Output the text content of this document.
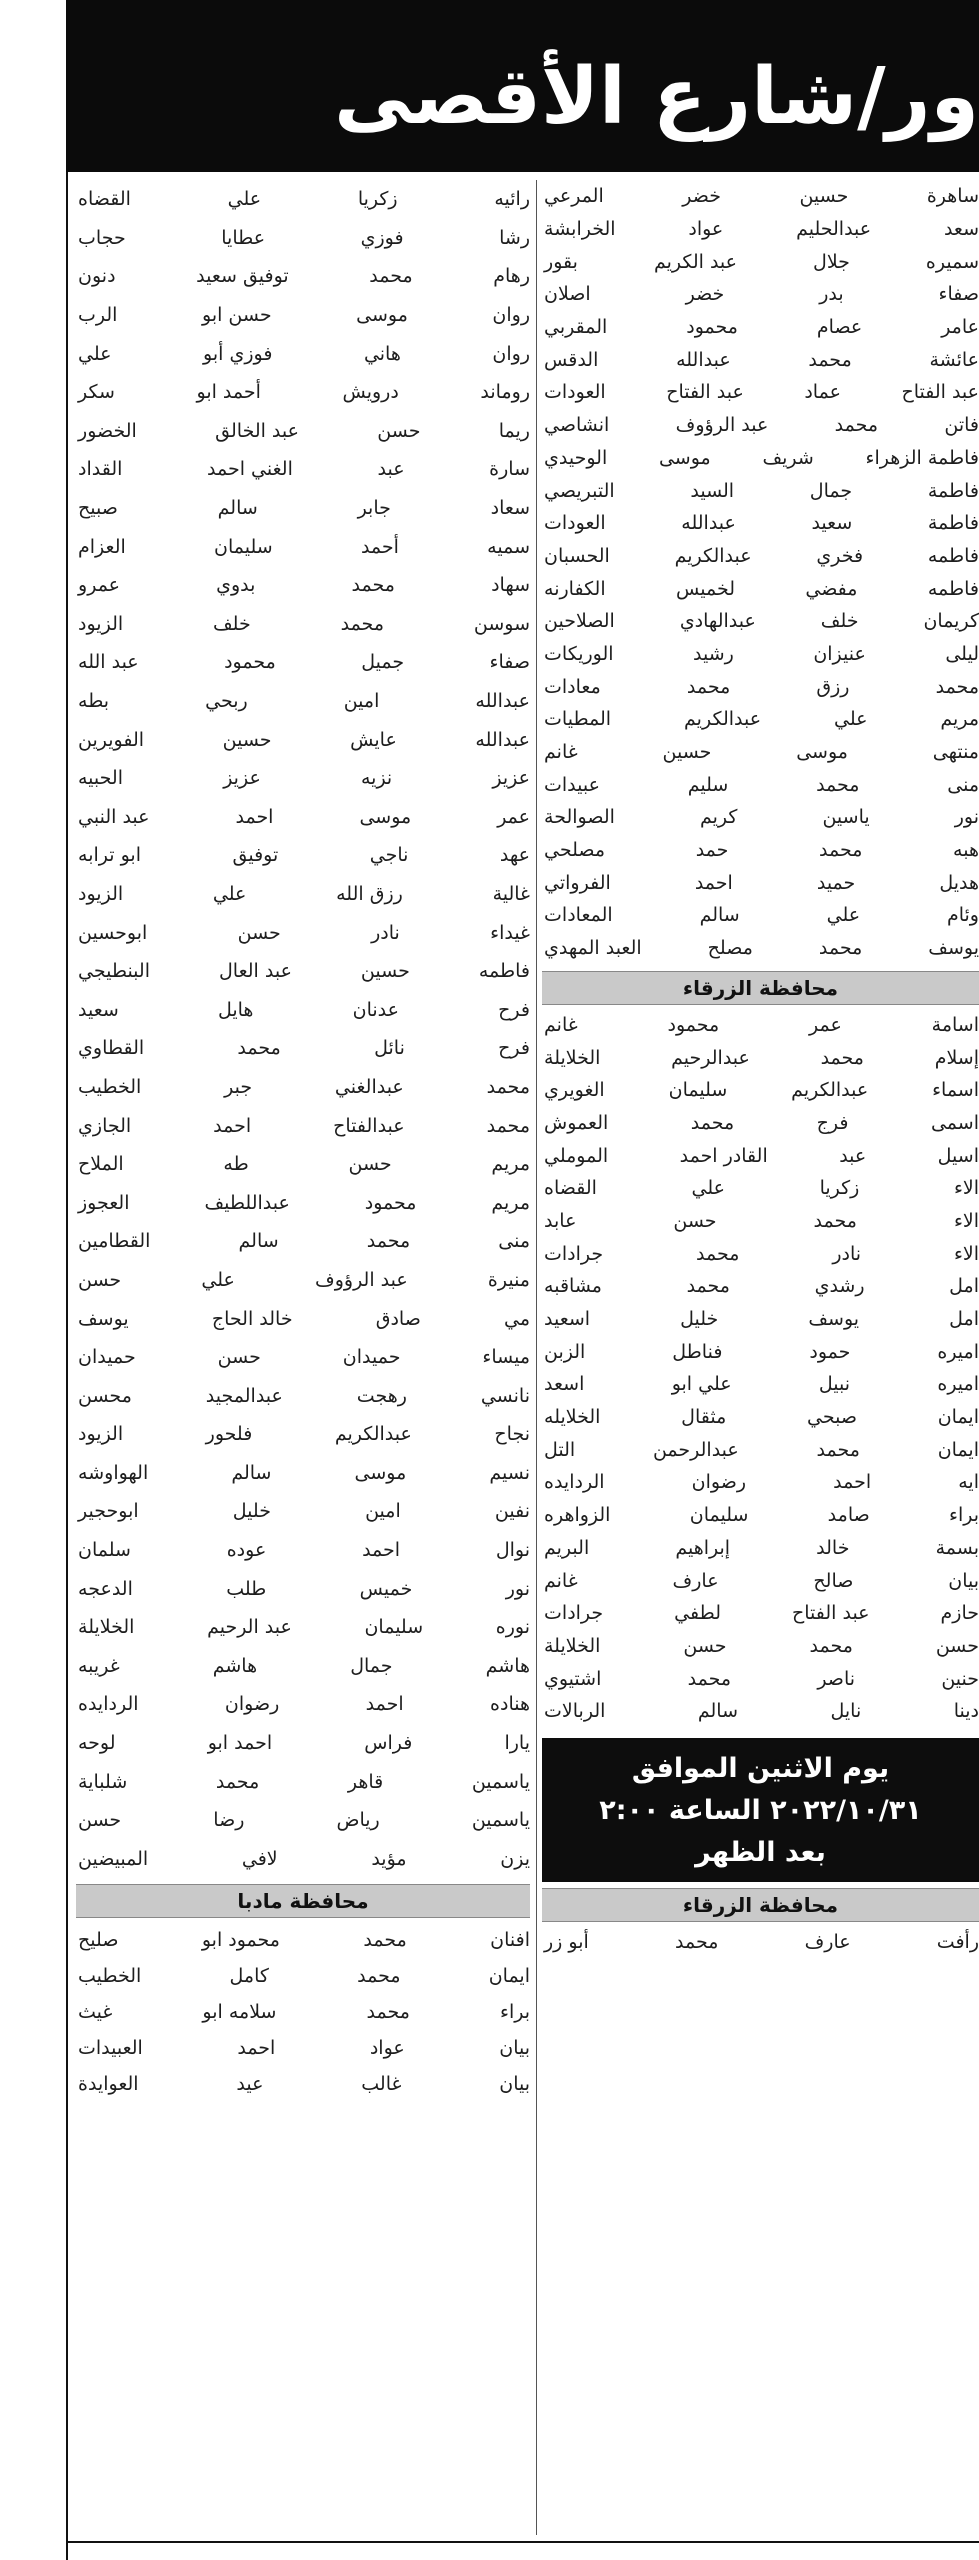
ور/شارع الأقصى
ساهرة
حسين
خضر
المرعي
سعد
عبدالحليم
عواد
الخرابشة
سميره
جلال
عبد الكريم
بقور
صفاء
بدر
خضر
اصلان
عامر
عصام
محمود
المقربي
عائشة
محمد
عبدالله
الدقس
عبد الفتاح
عماد
عبد الفتاح
العودات
فاتن
محمد
عبد الرؤوف
انشاصي
فاطمة الزهراء
شريف
موسى
الوحيدي
فاطمة
جمال
السيد
التبريصي
فاطمة
سعيد
عبدالله
العودات
فاطمه
فخري
عبدالكريم
الحسبان
فاطمه
مفضي
لخميس
الكفارنه
كريمان
خلف
عبدالهادي
الصلاحين
ليلى
عنيزان
رشيد
الوريكات
محمد
رزق
محمد
معادات
مريم
علي
عبدالكريم
المطيات
منتهى
موسى
حسين
غانم
منى
محمد
سليم
عبيدات
نور
ياسين
كريم
الصوالحة
هبه
محمد
حمد
مصلحي
هديل
حميد
احمد
الفرواتي
وئام
علي
سالم
المعادات
يوسف
محمد
مصلح
العبد المهدي
محافظة الزرقاء
اسامة
عمر
محمود
غانم
إسلام
محمد
عبدالرحيم
الخلايلة
اسماء
عبدالكريم
سليمان
الغويري
اسمى
فرج
محمد
العموش
اسيل
عبد
القادر احمد
الموملي
الاء
زكريا
علي
القضاه
الاء
محمد
حسن
عابد
الاء
نادر
محمد
جرادات
امل
رشدي
محمد
مشاقبه
امل
يوسف
خليل
اسعيد
اميره
حمود
فناطل
الزبن
اميره
نبيل
علي ابو
اسعد
ايمان
صبحي
مثقال
الخلايله
ايمان
محمد
عبدالرحمن
التل
ايه
احمد
رضوان
الردايده
براء
صامد
سليمان
الزواهره
بسمة
خالد
إبراهيم
البريم
بيان
صالح
عارف
غانم
حازم
عبد الفتاح
لطفي
جرادات
حسن
محمد
حسن
الخلايلة
حنين
ناصر
محمد
اشتيوي
دينا
نايل
سالم
الربالات
يوم الاثنين الموافق
٢٠٢٢/١٠/٣١ الساعة ٢:٠٠
بعد الظهر
محافظة الزرقاء
رأفت
عارف
محمد
أبو زر
رائيه
زكريا
علي
القضاه
رشا
فوزي
عطايا
حجاب
رهام
محمد
توفيق سعيد
دنون
روان
موسى
حسن ابو
الرب
روان
هاني
فوزي أبو
علي
روماند
درويش
أحمد ابو
سكر
ريما
حسن
عبد الخالق
الخضور
سارة
عبد
الغني احمد
القداد
سعاد
جابر
سالم
صبيح
سميه
أحمد
سليمان
العزام
سهاد
محمد
بدوي
عمرو
سوسن
محمد
خلف
الزيود
صفاء
جميل
محمود
عبد الله
عبدالله
امين
ربحي
بطه
عبدالله
عايش
حسين
الفويرين
عزيز
نزيه
عزيز
الحبيه
عمر
موسى
احمد
عبد النبي
عهد
ناجي
توفيق
ابو ترابه
غالية
رزق الله
علي
الزيود
غيداء
نادر
حسن
ابوحسين
فاطمه
حسين
عبد العال
البنطيجي
فرح
عدنان
هايل
سعيد
فرح
نائل
محمد
القطاوي
محمد
عبدالغني
جبر
الخطيب
محمد
عبدالفتاح
احمد
الجازي
مريم
حسن
طه
الملاح
مريم
محمود
عبداللطيف
العجوز
منى
محمد
سالم
القطامين
منيرة
عبد الرؤوف
علي
حسن
مي
صادق
خالد الحاج
يوسف
ميساء
حميدان
حسن
حميدان
نانسي
رهجت
عبدالمجيد
محسن
نجاح
عبدالكريم
فلحور
الزيود
نسيم
موسى
سالم
الهواوشه
نفين
امين
خليل
ابوحجير
نوال
احمد
عوده
سلمان
نور
خميس
طلب
الدعجه
نوره
سليمان
عبد الرحيم
الخلايلة
هاشم
جمال
هاشم
غريبه
هناده
احمد
رضوان
الردايده
يارا
فراس
احمد ابو
لوحه
ياسمين
قاهر
محمد
شلباية
ياسمين
رياض
رضا
حسن
يزن
مؤيد
لافي
المبيضين
محافظة مادبا
افنان
محمد
محمود ابو
صليح
ايمان
محمد
كامل
الخطيب
براء
محمد
سلامه ابو
غيث
بيان
عواد
احمد
العبيدات
بيان
غالب
عيد
العوايدة
